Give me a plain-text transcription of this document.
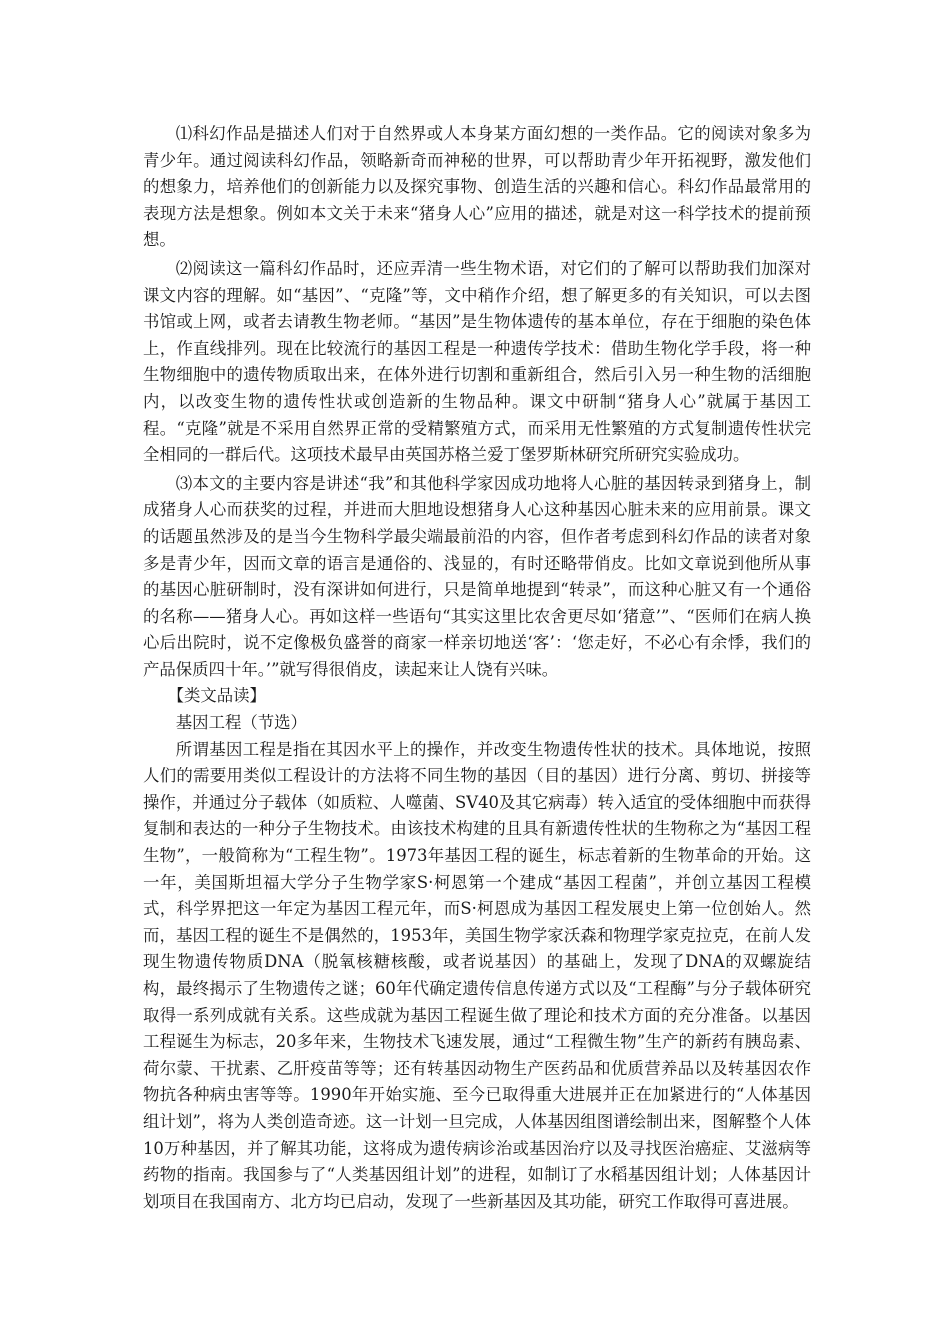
⑴科幻作品是描述人们对于自然界或人本身某方面幻想的一类作品。它的阅读对象多为青少年。通过阅读科幻作品，领略新奇而神秘的世界，可以帮助青少年开拓视野，激发他们的想象力，培养他们的创新能力以及探究事物、创造生活的兴趣和信心。科幻作品最常用的表现方法是想象。例如本文关于未来“猪身人心”应用的描述，就是对这一科学技术的提前预想。

⑵阅读这一篇科幻作品时，还应弄清一些生物术语，对它们的了解可以帮助我们加深对课文内容的理解。如“基因”、“克隆”等，文中稍作介绍，想了解更多的有关知识，可以去图书馆或上网，或者去请教生物老师。“基因”是生物体遗传的基本单位，存在于细胞的染色体上，作直线排列。现在比较流行的基因工程是一种遗传学技术：借助生物化学手段，将一种生物细胞中的遗传物质取出来，在体外进行切割和重新组合，然后引入另一种生物的活细胞内，以改变生物的遗传性状或创造新的生物品种。课文中研制“猪身人心”就属于基因工程。“克隆”就是不采用自然界正常的受精繁殖方式，而采用无性繁殖的方式复制遗传性状完全相同的一群后代。这项技术最早由英国苏格兰爱丁堡罗斯林研究所研究实验成功。

⑶本文的主要内容是讲述“我”和其他科学家因成功地将人心脏的基因转录到猪身上，制成猪身人心而获奖的过程，并进而大胆地设想猪身人心这种基因心脏未来的应用前景。课文的话题虽然涉及的是当今生物科学最尖端最前沿的内容，但作者考虑到科幻作品的读者对象多是青少年，因而文章的语言是通俗的、浅显的，有时还略带俏皮。比如文章说到他所从事的基因心脏研制时，没有深讲如何进行，只是简单地提到“转录”，而这种心脏又有一个通俗的名称——猪身人心。再如这样一些语句“其实这里比农舍更尽如‘猪意’”、“医师们在病人换心后出院时，说不定像极负盛誉的商家一样亲切地送‘客’：‘您走好，不必心有余悸，我们的产品保质四十年。’”就写得很俏皮，读起来让人饶有兴味。

【类文品读】

基因工程（节选）

所谓基因工程是指在其因水平上的操作，并改变生物遗传性状的技术。具体地说，按照人们的需要用类似工程设计的方法将不同生物的基因（目的基因）进行分离、剪切、拼接等操作，并通过分子载体（如质粒、人噬菌、SV40及其它病毒）转入适宜的受体细胞中而获得复制和表达的一种分子生物技术。由该技术构建的且具有新遗传性状的生物称之为“基因工程生物”，一般简称为“工程生物”。1973年基因工程的诞生，标志着新的生物革命的开始。这一年，美国斯坦福大学分子生物学家S·柯恩第一个建成“基因工程菌”，并创立基因工程模式，科学界把这一年定为基因工程元年，而S·柯恩成为基因工程发展史上第一位创始人。然而，基因工程的诞生不是偶然的，1953年，美国生物学家沃森和物理学家克拉克，在前人发现生物遗传物质DNA（脱氧核糖核酸，或者说基因）的基础上，发现了DNA的双螺旋结构，最终揭示了生物遗传之谜；60年代确定遗传信息传递方式以及“工程酶”与分子载体研究取得一系列成就有关系。这些成就为基因工程诞生做了理论和技术方面的充分准备。以基因工程诞生为标志，20多年来，生物技术飞速发展，通过“工程微生物”生产的新药有胰岛素、荷尔蒙、干扰素、乙肝疫苗等等；还有转基因动物生产医药品和优质营养品以及转基因农作物抗各种病虫害等等。1990年开始实施、至今已取得重大进展并正在加紧进行的“人体基因组计划”，将为人类创造奇迹。这一计划一旦完成，人体基因组图谱绘制出来，图解整个人体10万种基因，并了解其功能，这将成为遗传病诊治或基因治疗以及寻找医治癌症、艾滋病等药物的指南。我国参与了“人类基因组计划”的进程，如制订了水稻基因组计划；人体基因计划项目在我国南方、北方均已启动，发现了一些新基因及其功能，研究工作取得可喜进展。
